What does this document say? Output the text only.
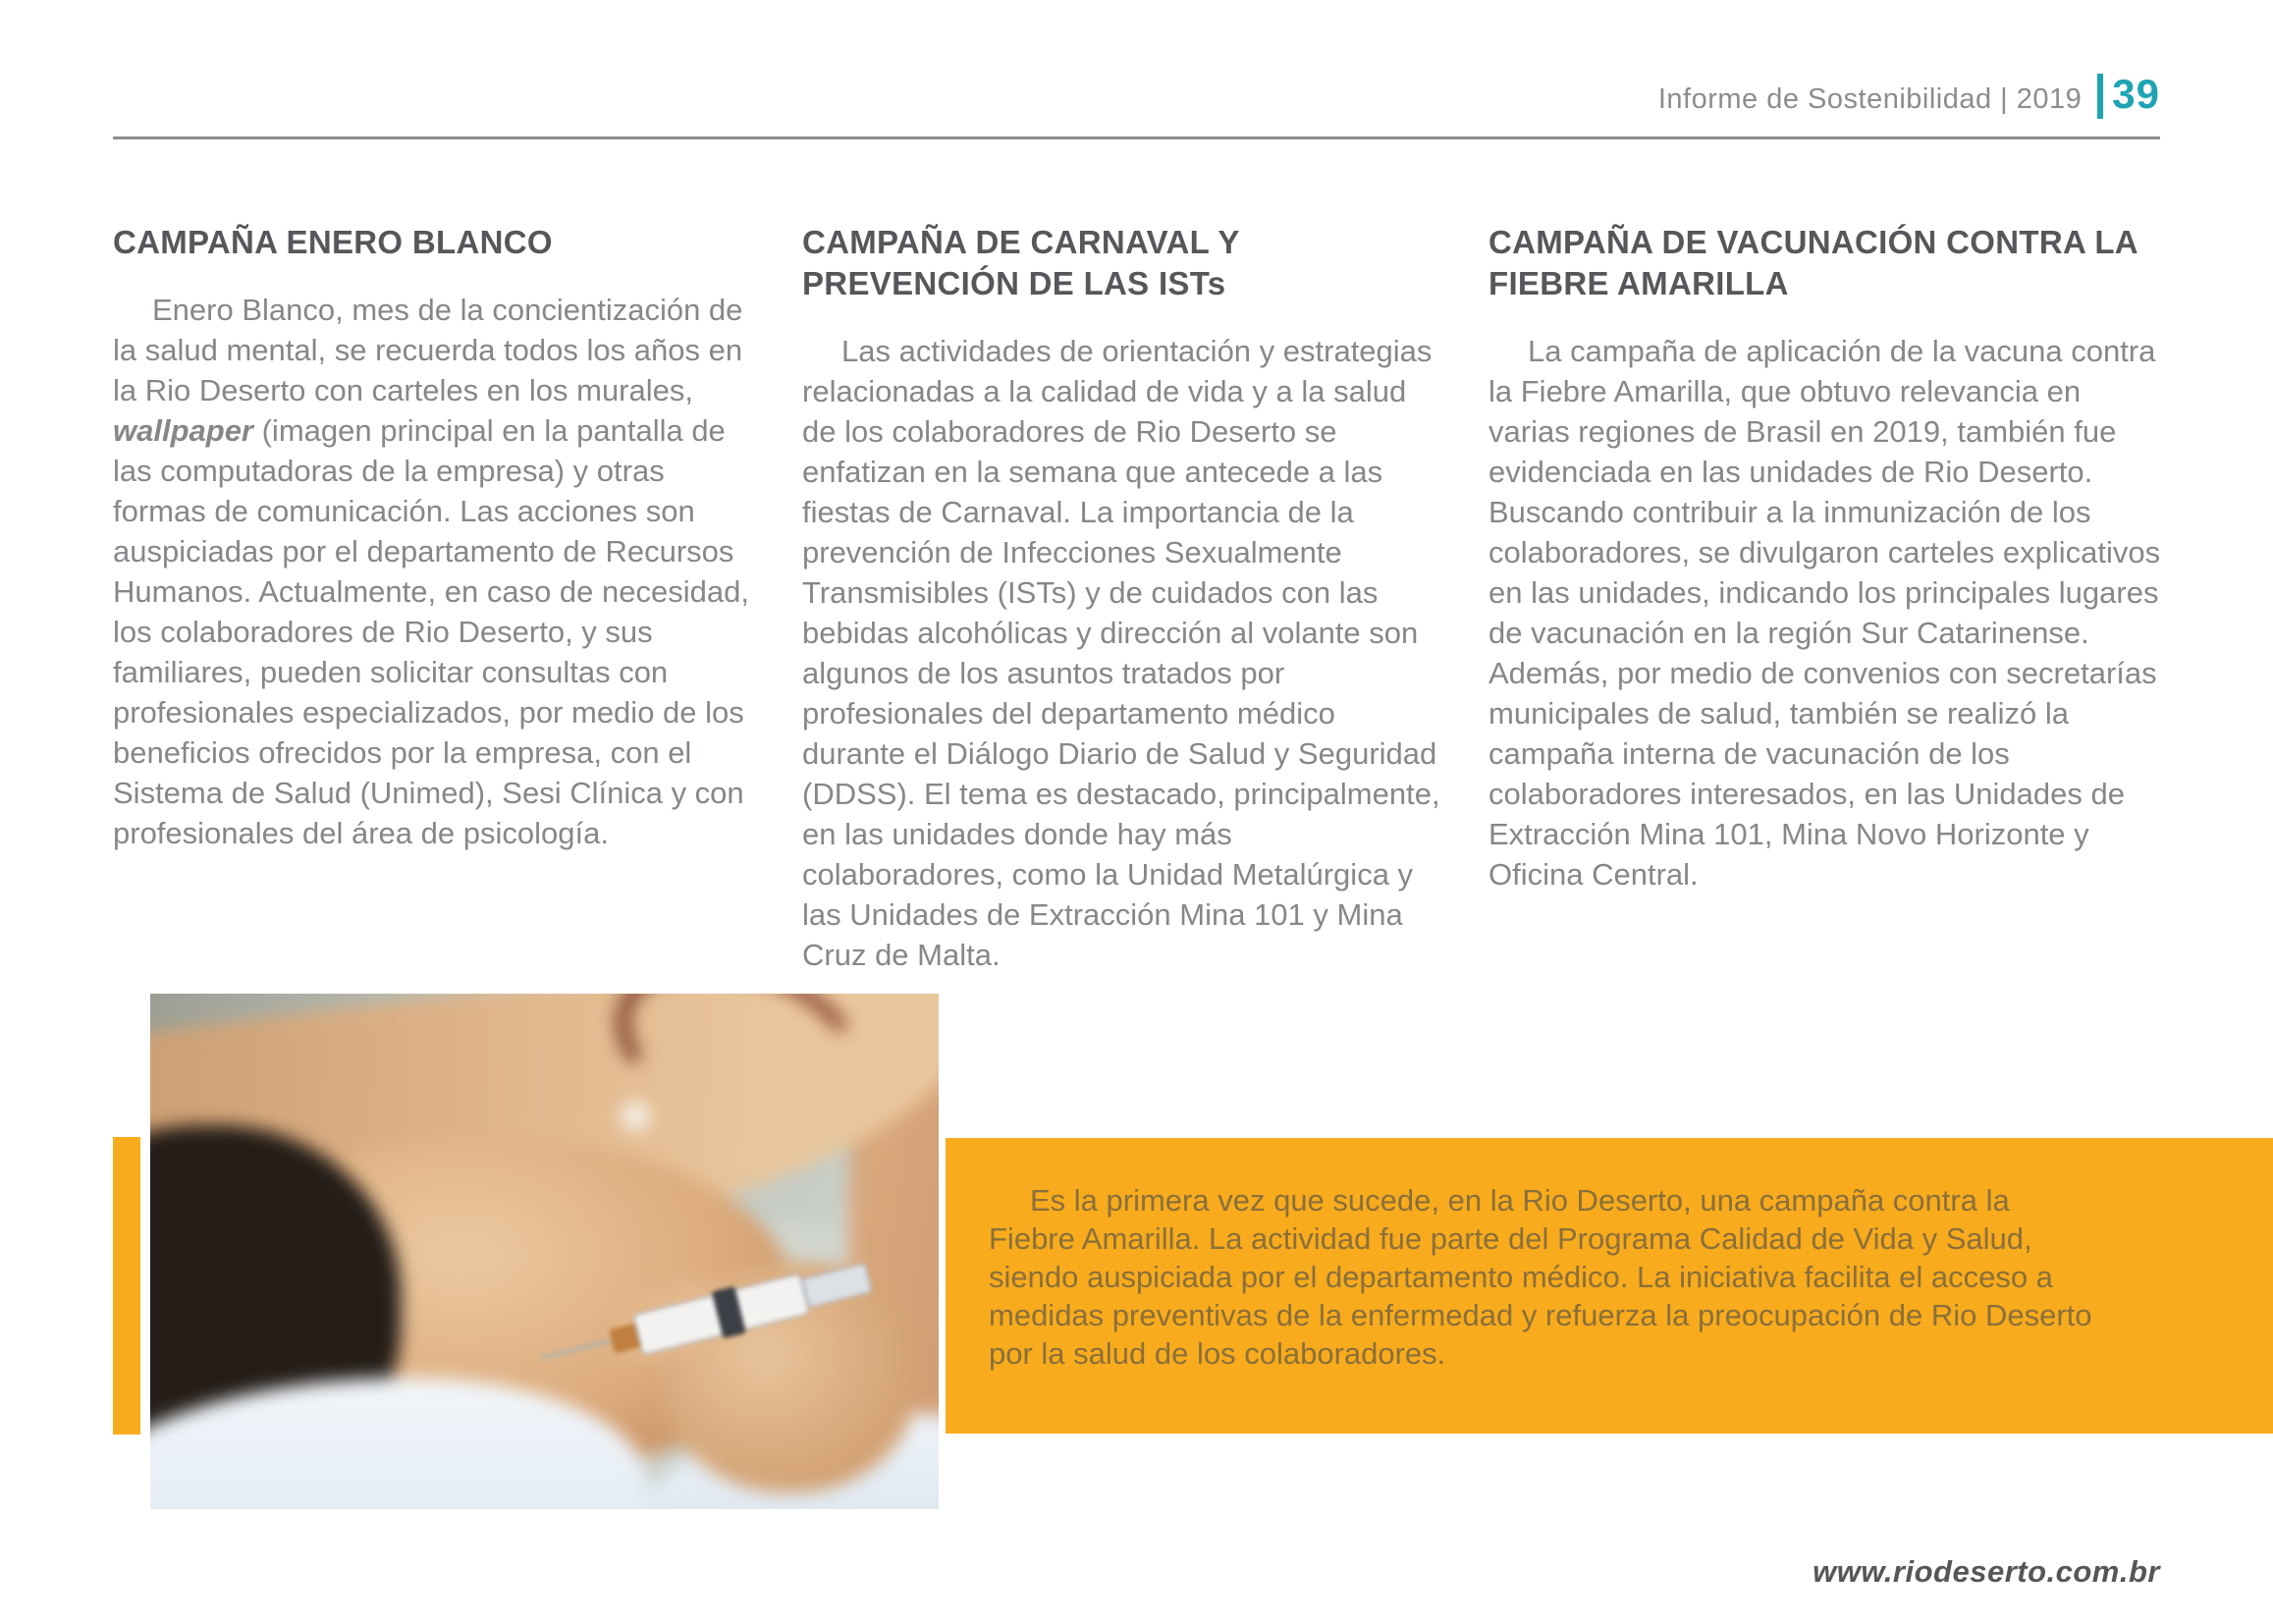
Informe de Sostenibilidad | 2019 39
CAMPAÑA ENERO BLANCO

Enero Blanco, mes de la concientización de la salud mental, se recuerda todos los años en la Rio Deserto con carteles en los murales, wallpaper (imagen principal en la pantalla de las computadoras de la empresa) y otras formas de comunicación. Las acciones son auspiciadas por el departamento de Recursos Humanos. Actualmente, en caso de necesidad, los colaboradores de Rio Deserto, y sus familiares, pueden solicitar consultas con profesionales especializados, por medio de los beneficios ofrecidos por la empresa, con el Sistema de Salud (Unimed), Sesi Clínica y con profesionales del área de psicología.

CAMPAÑA DE CARNAVAL Y PREVENCIÓN DE LAS ISTs

Las actividades de orientación y estrategias relacionadas a la calidad de vida y a la salud de los colaboradores de Rio Deserto se enfatizan en la semana que antecede a las fiestas de Carnaval. La importancia de la prevención de Infecciones Sexualmente Transmisibles (ISTs) y de cuidados con las bebidas alcohólicas y dirección al volante son algunos de los asuntos tratados por profesionales del departamento médico durante el Diálogo Diario de Salud y Seguridad (DDSS). El tema es destacado, principalmente, en las unidades donde hay más colaboradores, como la Unidad Metalúrgica y las Unidades de Extracción Mina 101 y Mina Cruz de Malta.

CAMPAÑA DE VACUNACIÓN CONTRA LA FIEBRE AMARILLA

La campaña de aplicación de la vacuna contra la Fiebre Amarilla, que obtuvo relevancia en varias regiones de Brasil en 2019, también fue evidenciada en las unidades de Rio Deserto. Buscando contribuir a la inmunización de los colaboradores, se divulgaron carteles explicativos en las unidades, indicando los principales lugares de vacunación en la región Sur Catarinense. Además, por medio de convenios con secretarías municipales de salud, también se realizó la campaña interna de vacunación de los colaboradores interesados, en las Unidades de Extracción Mina 101, Mina Novo Horizonte y Oficina Central.

Es la primera vez que sucede, en la Rio Deserto, una campaña contra la Fiebre Amarilla. La actividad fue parte del Programa Calidad de Vida y Salud, siendo auspiciada por el departamento médico. La iniciativa facilita el acceso a medidas preventivas de la enfermedad y refuerza la preocupación de Rio Deserto por la salud de los colaboradores.

www.riodeserto.com.br
